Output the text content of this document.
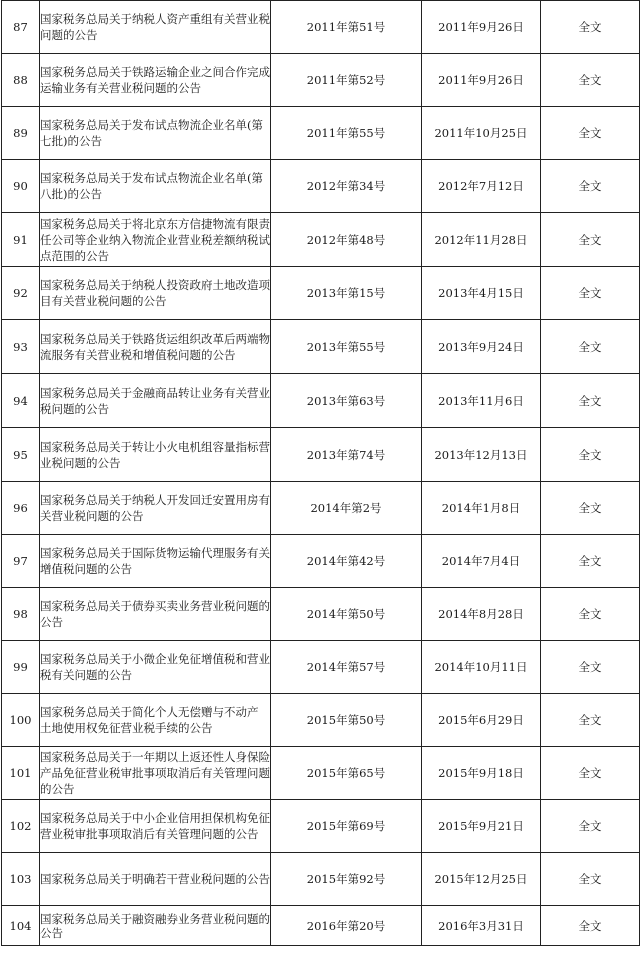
87	国家税务总局关于纳税人资产重组有关营业税问题的公告	2011年第51号	2011年9月26日	全文
88	国家税务总局关于铁路运输企业之间合作完成运输业务有关营业税问题的公告	2011年第52号	2011年9月26日	全文
89	国家税务总局关于发布试点物流企业名单(第七批)的公告	2011年第55号	2011年10月25日	全文
90	国家税务总局关于发布试点物流企业名单(第八批)的公告	2012年第34号	2012年7月12日	全文
91	国家税务总局关于将北京东方信捷物流有限责任公司等企业纳入物流企业营业税差额纳税试点范围的公告	2012年第48号	2012年11月28日	全文
92	国家税务总局关于纳税人投资政府土地改造项目有关营业税问题的公告	2013年第15号	2013年4月15日	全文
93	国家税务总局关于铁路货运组织改革后两端物流服务有关营业税和增值税问题的公告	2013年第55号	2013年9月24日	全文
94	国家税务总局关于金融商品转让业务有关营业税问题的公告	2013年第63号	2013年11月6日	全文
95	国家税务总局关于转让小火电机组容量指标营业税问题的公告	2013年第74号	2013年12月13日	全文
96	国家税务总局关于纳税人开发回迁安置用房有关营业税问题的公告	2014年第2号	2014年1月8日	全文
97	国家税务总局关于国际货物运输代理服务有关增值税问题的公告	2014年第42号	2014年7月4日	全文
98	国家税务总局关于债券买卖业务营业税问题的公告	2014年第50号	2014年8月28日	全文
99	国家税务总局关于小微企业免征增值税和营业税有关问题的公告	2014年第57号	2014年10月11日	全文
100	国家税务总局关于简化个人无偿赠与不动产 土地使用权免征营业税手续的公告	2015年第50号	2015年6月29日	全文
101	国家税务总局关于一年期以上返还性人身保险产品免征营业税审批事项取消后有关管理问题的公告	2015年第65号	2015年9月18日	全文
102	国家税务总局关于中小企业信用担保机构免征营业税审批事项取消后有关管理问题的公告	2015年第69号	2015年9月21日	全文
103	国家税务总局关于明确若干营业税问题的公告	2015年第92号	2015年12月25日	全文
104	国家税务总局关于融资融券业务营业税问题的公告	2016年第20号	2016年3月31日	全文
